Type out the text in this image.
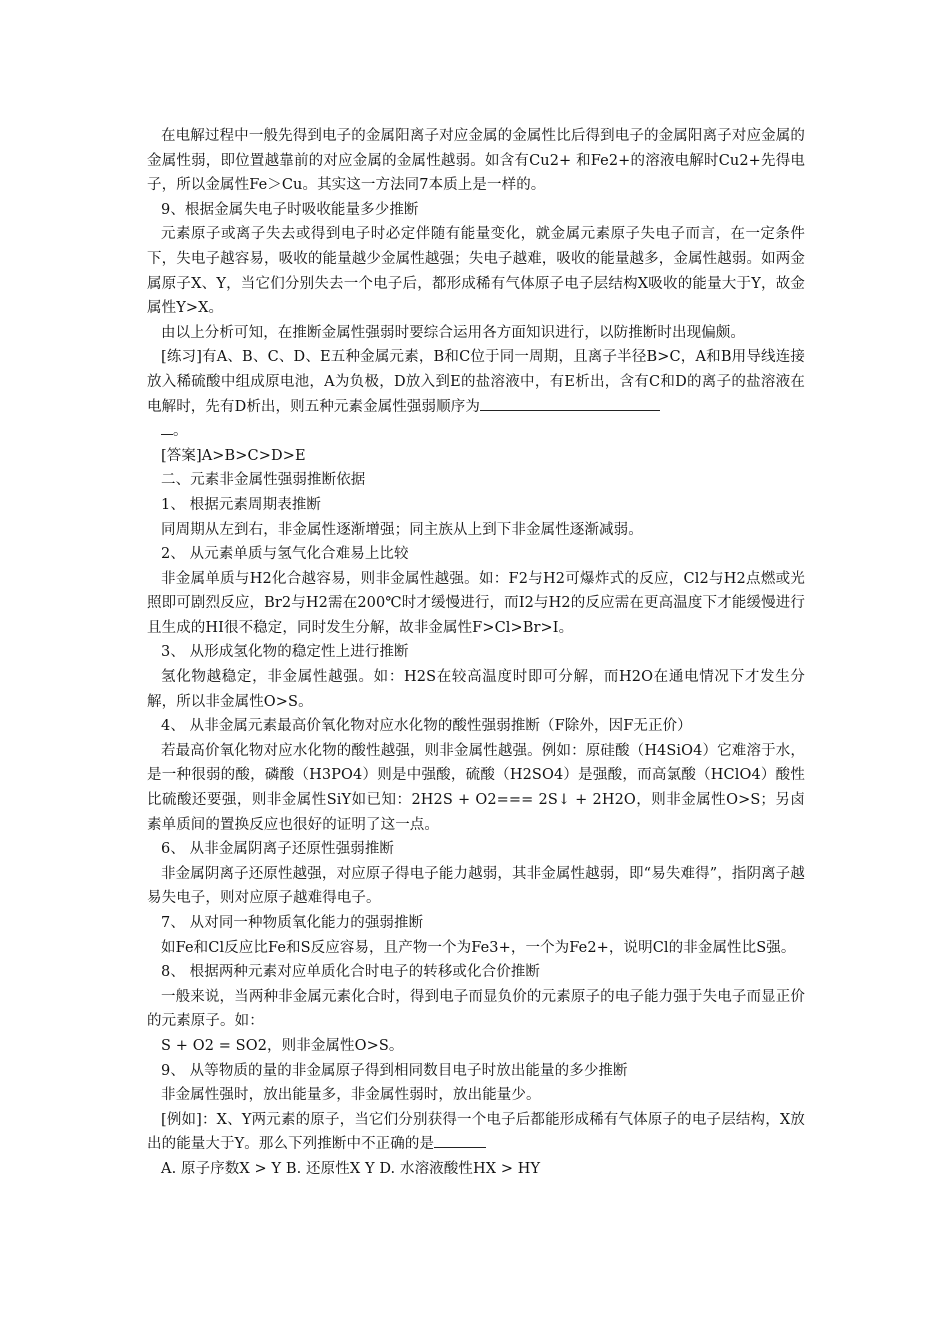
在电解过程中一般先得到电子的金属阳离子对应金属的金属性比后得到电子的金属阳离子对应金属的金属性弱，即位置越靠前的对应金属的金属性越弱。如含有Cu2+ 和Fe2+的溶液电解时Cu2+先得电子，所以金属性Fe＞Cu。其实这一方法同7本质上是一样的。

9、根据金属失电子时吸收能量多少推断

元素原子或离子失去或得到电子时必定伴随有能量变化，就金属元素原子失电子而言，在一定条件下，失电子越容易，吸收的能量越少金属性越强；失电子越难，吸收的能量越多，金属性越弱。如两金属原子X、Y，当它们分别失去一个电子后，都形成稀有气体原子电子层结构X吸收的能量大于Y，故金属性Y>X。

由以上分析可知，在推断金属性强弱时要综合运用各方面知识进行，以防推断时出现偏颇。

[练习]有A、B、C、D、E五种金属元素，B和C位于同一周期，且离子半径B>C，A和B用导线连接放入稀硫酸中组成原电池，A为负极，D放入到E的盐溶液中，有E析出，含有C和D的离子的盐溶液在电解时，先有D析出，则五种元素金属性强弱顺序为

。

[答案]A>B>C>D>E

二、元素非金属性强弱推断依据

1、 根据元素周期表推断

同周期从左到右，非金属性逐渐增强；同主族从上到下非金属性逐渐减弱。

2、 从元素单质与氢气化合难易上比较

非金属单质与H2化合越容易，则非金属性越强。如：F2与H2可爆炸式的反应，Cl2与H2点燃或光照即可剧烈反应，Br2与H2需在200℃时才缓慢进行，而I2与H2的反应需在更高温度下才能缓慢进行且生成的HI很不稳定，同时发生分解，故非金属性F>Cl>Br>I。

3、 从形成氢化物的稳定性上进行推断

氢化物越稳定，非金属性越强。如：H2S在较高温度时即可分解，而H2O在通电情况下才发生分解，所以非金属性O>S。

4、 从非金属元素最高价氧化物对应水化物的酸性强弱推断（F除外，因F无正价）

若最高价氧化物对应水化物的酸性越强，则非金属性越强。例如：原硅酸（H4SiO4）它难溶于水，是一种很弱的酸，磷酸（H3PO4）则是中强酸，硫酸（H2SO4）是强酸，而高氯酸（HClO4）酸性比硫酸还要强，则非金属性SiY如已知：2H2S + O2=== 2S↓ + 2H2O，则非金属性O>S；另卤素单质间的置换反应也很好的证明了这一点。

6、 从非金属阴离子还原性强弱推断

非金属阴离子还原性越强，对应原子得电子能力越弱，其非金属性越弱，即“易失难得”，指阴离子越易失电子，则对应原子越难得电子。

7、 从对同一种物质氧化能力的强弱推断

如Fe和Cl反应比Fe和S反应容易，且产物一个为Fe3+，一个为Fe2+，说明Cl的非金属性比S强。

8、 根据两种元素对应单质化合时电子的转移或化合价推断

一般来说，当两种非金属元素化合时，得到电子而显负价的元素原子的电子能力强于失电子而显正价的元素原子。如：

S + O2 = SO2，则非金属性O>S。

9、 从等物质的量的非金属原子得到相同数目电子时放出能量的多少推断

非金属性强时，放出能量多，非金属性弱时，放出能量少。

[例如]：X、Y两元素的原子，当它们分别获得一个电子后都能形成稀有气体原子的电子层结构，X放出的能量大于Y。那么下列推断中不正确的是

A. 原子序数X > Y B. 还原性X Y D. 水溶液酸性HX > HY
